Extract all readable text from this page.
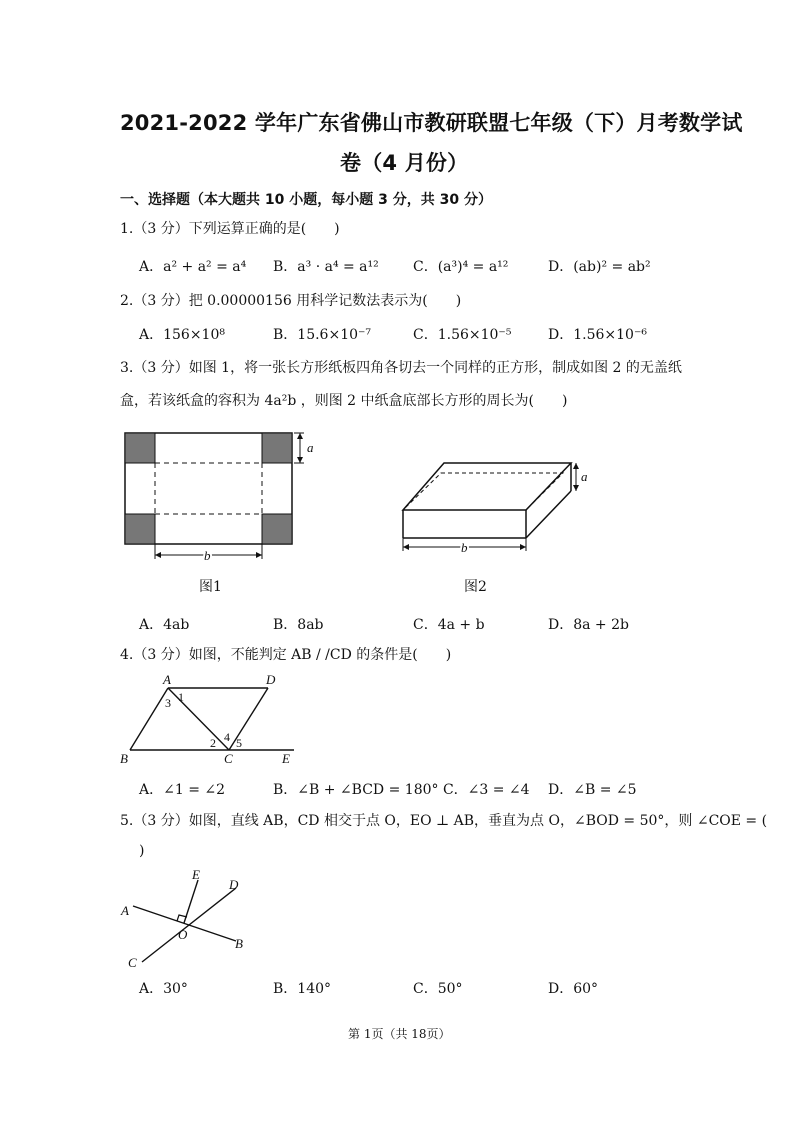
2021-2022 学年广东省佛山市教研联盟七年级（下）月考数学试
卷（4 月份）
一、选择题（本大题共 10 小题，每小题 3 分，共 30 分）
1.（3 分）下列运算正确的是(　　)
A．a² + a² = a⁴ B．a³ · a⁴ = a¹² C．(a³)⁴ = a¹²	D．(ab)² = ab²
2.（3 分）把 0.00000156 用科学记数法表示为(　　)
A．156×10⁸	B．15.6×10⁻⁷	C．1.56×10⁻⁵	D．1.56×10⁻⁶
3.（3 分）如图 1，将一张长方形纸板四角各切去一个同样的正方形，制成如图 2 的无盖纸
盒，若该纸盒的容积为 4a²b ，则图 2 中纸盒底部长方形的周长为(　　)
a
b
图1
a
b
图2
A．4ab	B．8ab	C．4a + b	D．8a + 2b
4.（3 分）如图，不能判定 AB / /CD 的条件是(　　)
A	D
B	C	E
1
3
2 4 5
A．∠1 = ∠2	B．∠B + ∠BCD = 180° C．∠3 = ∠4 D．∠B = ∠5
5.（3 分）如图，直线 AB，CD 相交于点 O，EO ⊥ AB，垂直为点 O，∠BOD = 50°，则 ∠COE = (
)
A
B
C
D
E
O
A．30°	B．140°	C．50°	D．60°
第 1页（共 18页）
